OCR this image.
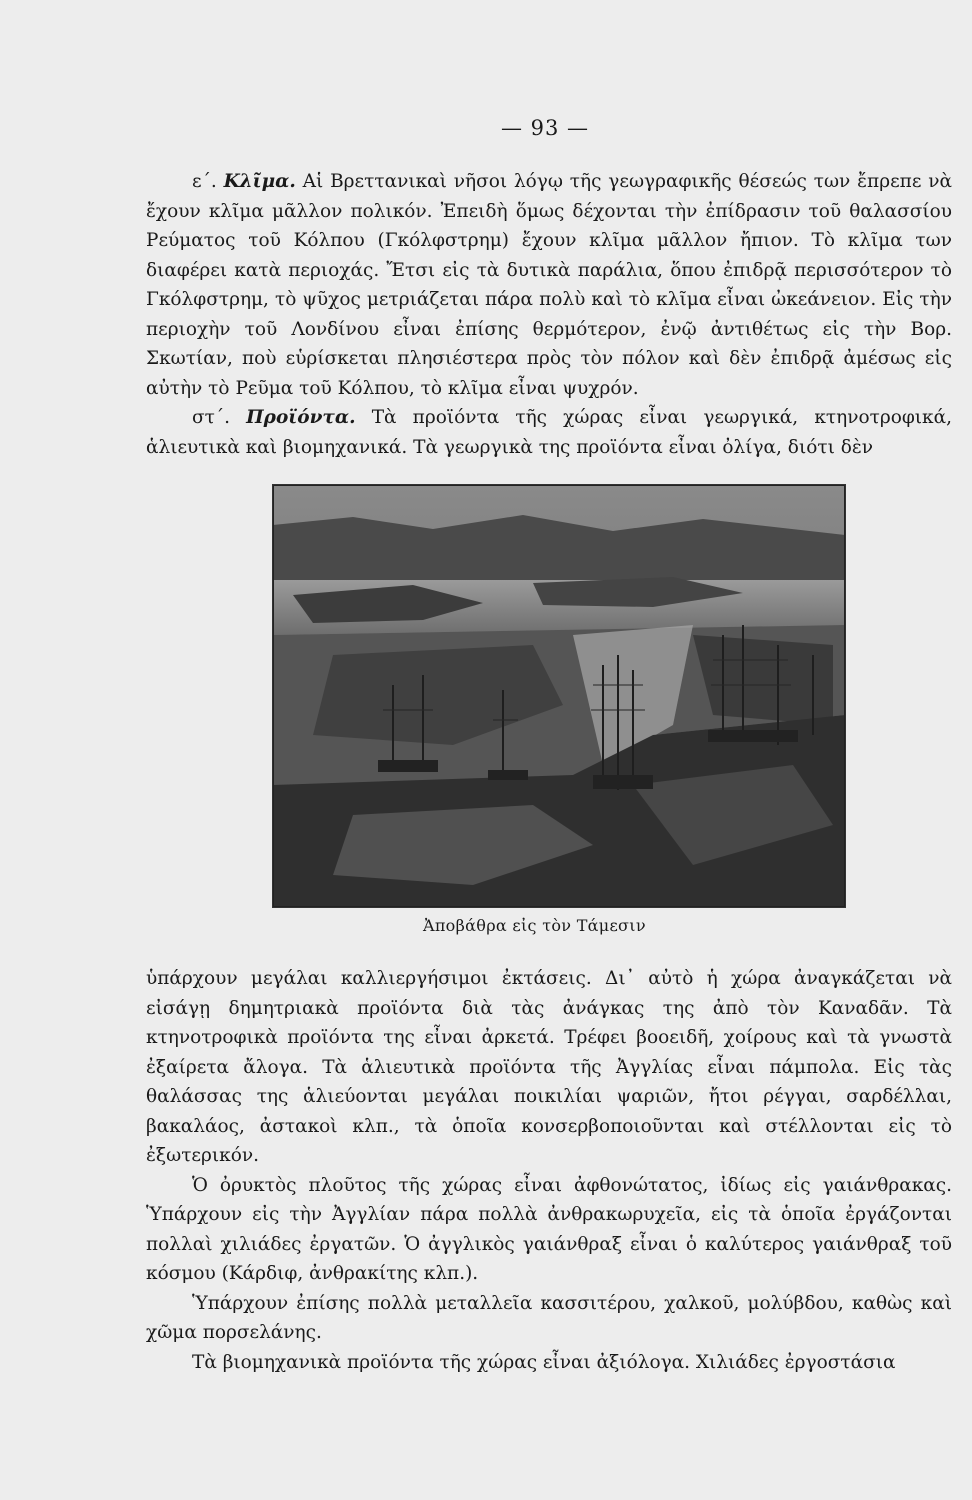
— 93 —

ε΄. Κλῖμα. Αἱ Βρεττανικαὶ νῆσοι λόγῳ τῆς γεωγραφικῆς θέσεώς των ἔπρεπε νὰ ἔχουν κλῖμα μᾶλλον πολικόν. Ἐπειδὴ ὅμως δέχονται τὴν ἐπίδρασιν τοῦ θαλασσίου Ρεύματος τοῦ Κόλπου (Γκόλφστρημ) ἔχουν κλῖμα μᾶλλον ἤπιον. Τὸ κλῖμα των διαφέρει κατὰ περιοχάς. Ἔτσι εἰς τὰ δυτικὰ παράλια, ὅπου ἐπιδρᾷ περισσότερον τὸ Γκόλφστρημ, τὸ ψῦχος μετριάζεται πάρα πολὺ καὶ τὸ κλῖμα εἶναι ὠκεάνειον. Εἰς τὴν περιοχὴν τοῦ Λονδίνου εἶναι ἐπίσης θερμότερον, ἐνῷ ἀντιθέτως εἰς τὴν Βορ. Σκωτίαν, ποὺ εὑρίσκεται πλησιέστερα πρὸς τὸν πόλον καὶ δὲν ἐπιδρᾷ ἀμέσως εἰς αὐτὴν τὸ Ρεῦμα τοῦ Κόλπου, τὸ κλῖμα εἶναι ψυχρόν.

στ΄. Προϊόντα. Τὰ προϊόντα τῆς χώρας εἶναι γεωργικά, κτηνοτροφικά, ἁλιευτικὰ καὶ βιομηχανικά. Τὰ γεωργικὰ της προϊόντα εἶναι ὀλίγα, διότι δὲν

Ἀποβάθρα εἰς τὸν Τάμεσιν

ὑπάρχουν μεγάλαι καλλιεργήσιμοι ἐκτάσεις. Δι᾿ αὐτὸ ἡ χώρα ἀναγκάζεται νὰ εἰσάγῃ δημητριακὰ προϊόντα διὰ τὰς ἀνάγκας της ἀπὸ τὸν Καναδᾶν. Τὰ κτηνοτροφικὰ προϊόντα της εἶναι ἀρκετά. Τρέφει βοοειδῆ, χοίρους καὶ τὰ γνωστὰ ἐξαίρετα ἄλογα. Τὰ ἁλιευτικὰ προϊόντα τῆς Ἀγγλίας εἶναι πάμπολα. Εἰς τὰς θαλάσσας της ἁλιεύονται μεγάλαι ποικιλίαι ψαριῶν, ἤτοι ρέγγαι, σαρδέλλαι, βακαλάος, ἀστακοὶ κλπ., τὰ ὁποῖα κονσερβοποιοῦνται καὶ στέλλονται εἰς τὸ ἐξωτερικόν.

Ὁ ὀρυκτὸς πλοῦτος τῆς χώρας εἶναι ἀφθονώτατος, ἰδίως εἰς γαιάνθρακας. Ὑπάρχουν εἰς τὴν Ἀγγλίαν πάρα πολλὰ ἀνθρακωρυχεῖα, εἰς τὰ ὁποῖα ἐργάζονται πολλαὶ χιλιάδες ἐργατῶν. Ὁ ἀγγλικὸς γαιάνθραξ εἶναι ὁ καλύτερος γαιάνθραξ τοῦ κόσμου (Κάρδιφ, ἀνθρακίτης κλπ.).

Ὑπάρχουν ἐπίσης πολλὰ μεταλλεῖα κασσιτέρου, χαλκοῦ, μολύβδου, καθὼς καὶ χῶμα πορσελάνης.

Τὰ βιομηχανικὰ προϊόντα τῆς χώρας εἶναι ἀξιόλογα. Χιλιάδες ἐργοστάσια
